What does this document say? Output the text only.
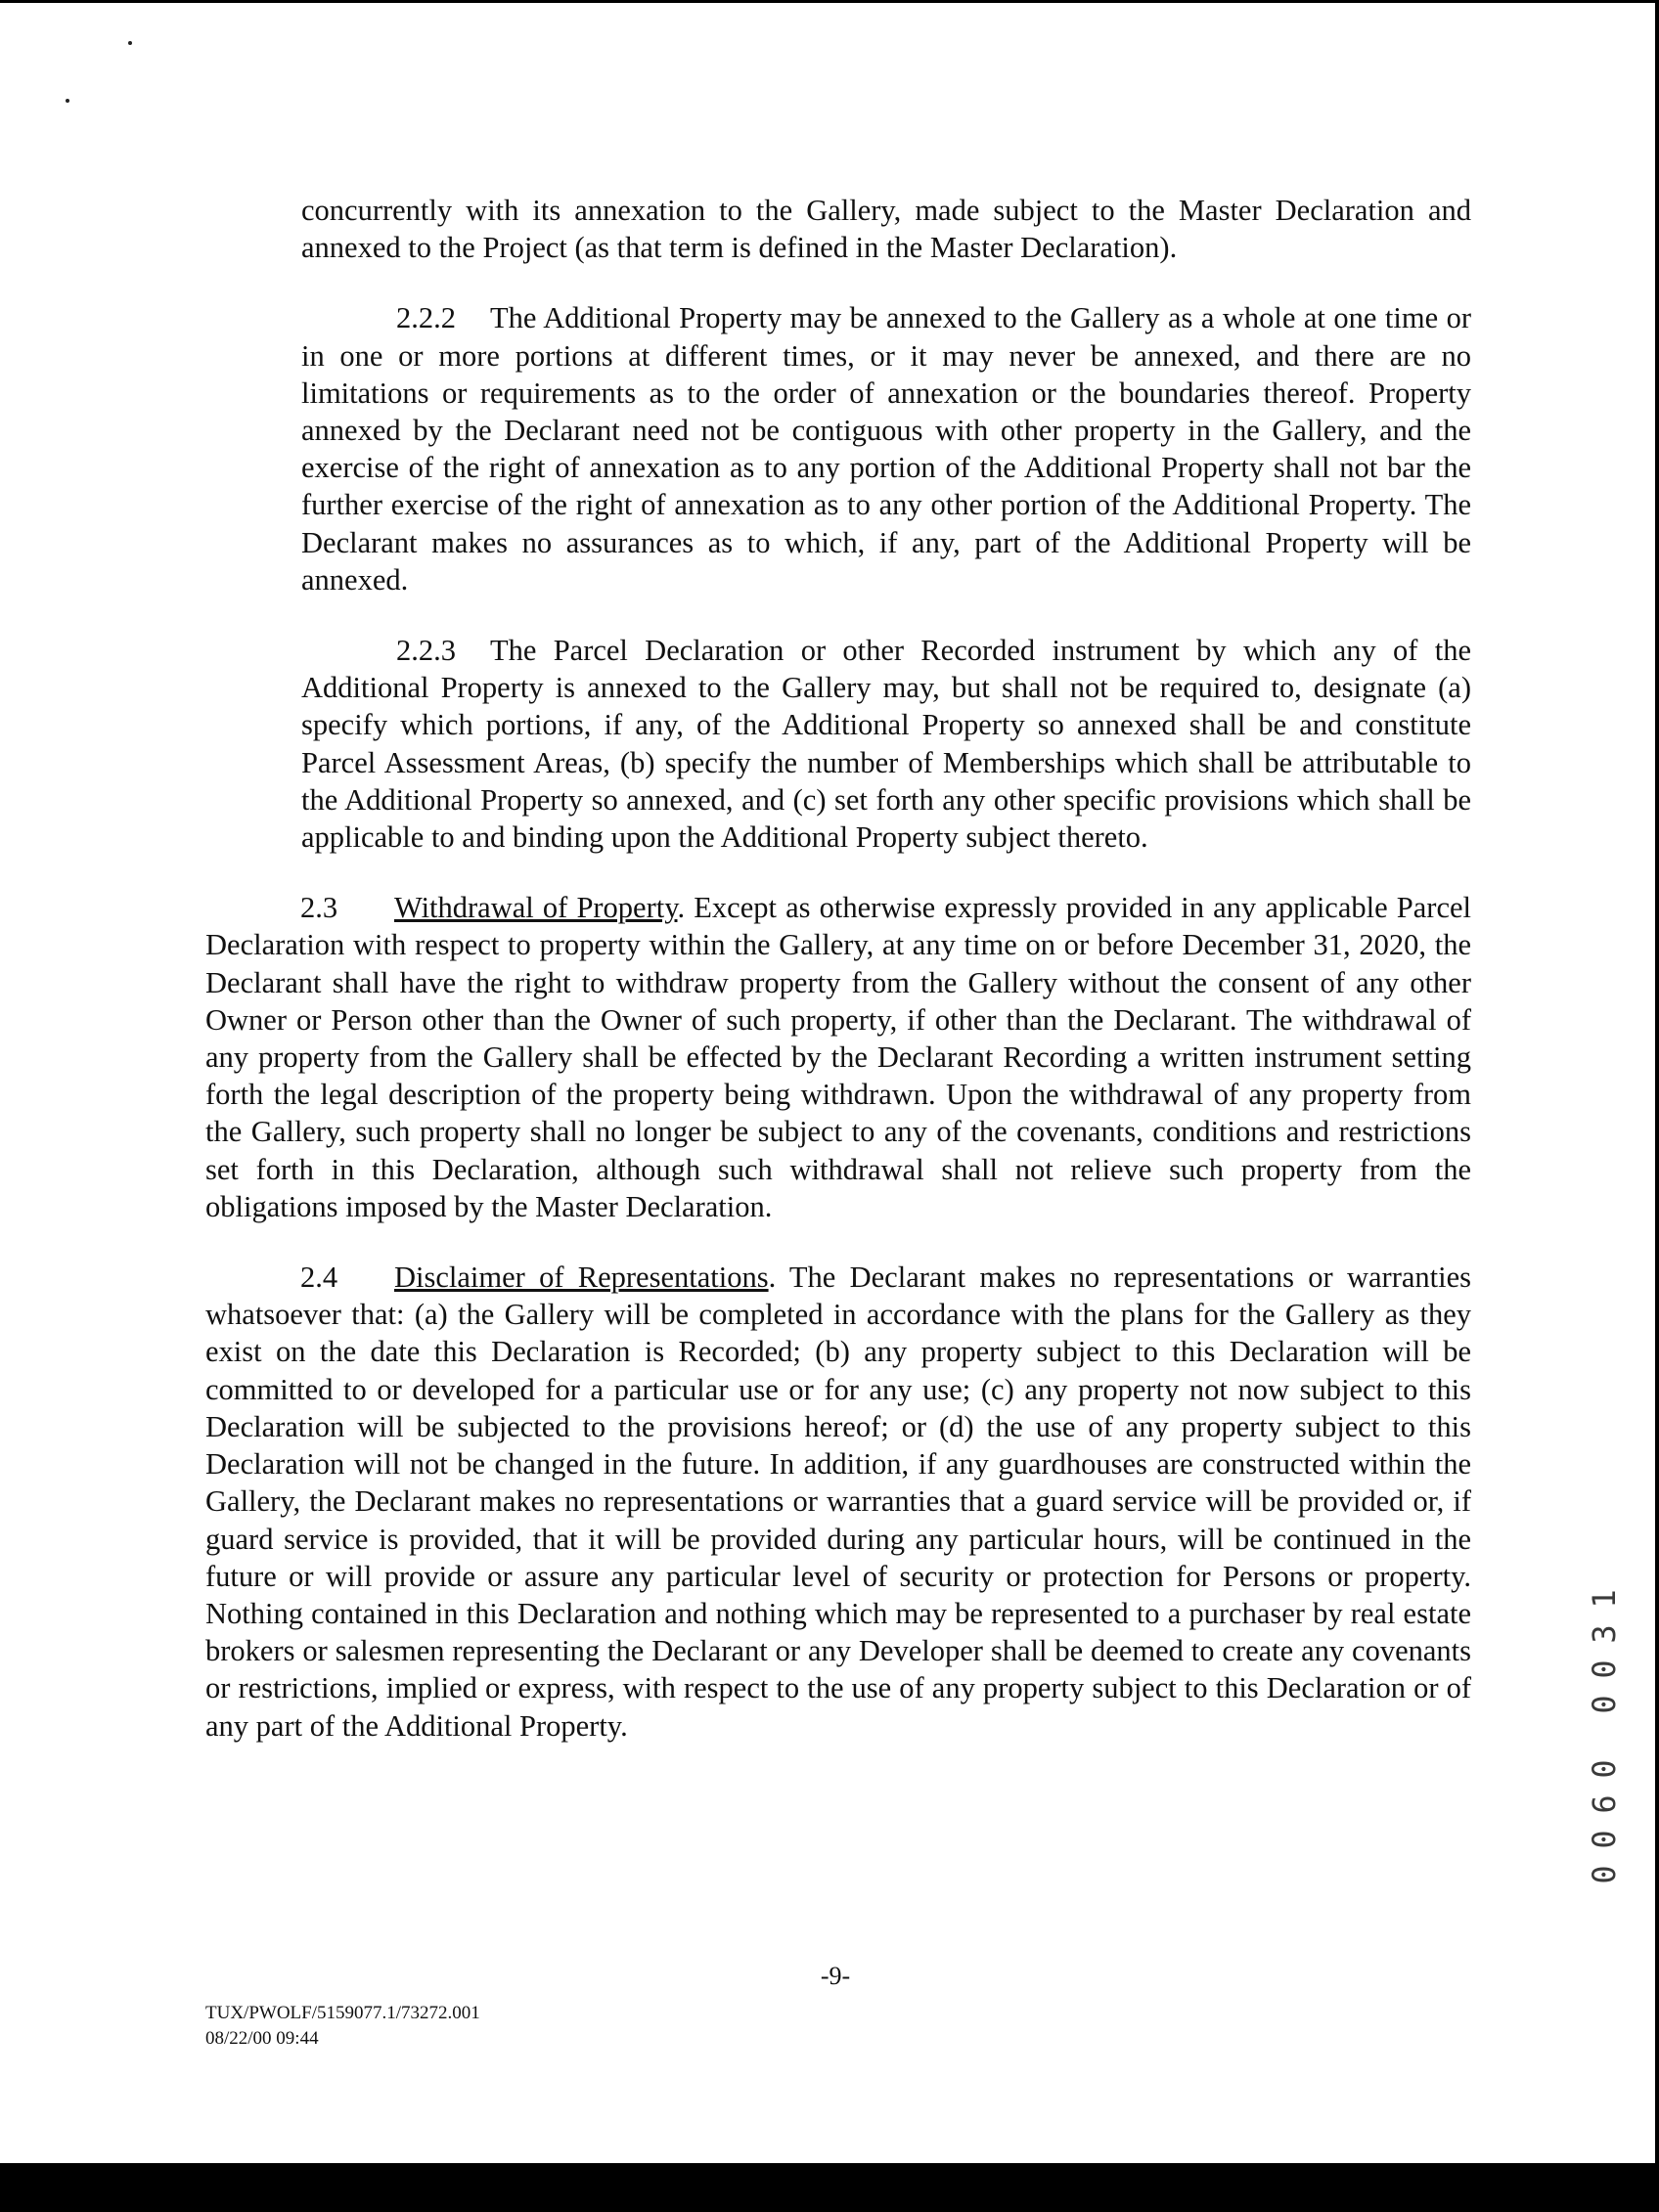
concurrently with its annexation to the Gallery, made subject to the Master Declaration and annexed to the Project (as that term is defined in the Master Declaration).

2.2.2 The Additional Property may be annexed to the Gallery as a whole at one time or in one or more portions at different times, or it may never be annexed, and there are no limitations or requirements as to the order of annexation or the boundaries thereof. Property annexed by the Declarant need not be contiguous with other property in the Gallery, and the exercise of the right of annexation as to any portion of the Additional Property shall not bar the further exercise of the right of annexation as to any other portion of the Additional Property. The Declarant makes no assurances as to which, if any, part of the Additional Property will be annexed.

2.2.3 The Parcel Declaration or other Recorded instrument by which any of the Additional Property is annexed to the Gallery may, but shall not be required to, designate (a) specify which portions, if any, of the Additional Property so annexed shall be and constitute Parcel Assessment Areas, (b) specify the number of Memberships which shall be attributable to the Additional Property so annexed, and (c) set forth any other specific provisions which shall be applicable to and binding upon the Additional Property subject thereto.

2.3 Withdrawal of Property. Except as otherwise expressly provided in any applicable Parcel Declaration with respect to property within the Gallery, at any time on or before December 31, 2020, the Declarant shall have the right to withdraw property from the Gallery without the consent of any other Owner or Person other than the Owner of such property, if other than the Declarant. The withdrawal of any property from the Gallery shall be effected by the Declarant Recording a written instrument setting forth the legal description of the property being withdrawn. Upon the withdrawal of any property from the Gallery, such property shall no longer be subject to any of the covenants, conditions and restrictions set forth in this Declaration, although such withdrawal shall not relieve such property from the obligations imposed by the Master Declaration.

2.4 Disclaimer of Representations. The Declarant makes no representations or warranties whatsoever that: (a) the Gallery will be completed in accordance with the plans for the Gallery as they exist on the date this Declaration is Recorded; (b) any property subject to this Declaration will be committed to or developed for a particular use or for any use; (c) any property not now subject to this Declaration will be subjected to the provisions hereof; or (d) the use of any property subject to this Declaration will not be changed in the future. In addition, if any guardhouses are constructed within the Gallery, the Declarant makes no representations or warranties that a guard service will be provided or, if guard service is provided, that it will be provided during any particular hours, will be continued in the future or will provide or assure any particular level of security or protection for Persons or property. Nothing contained in this Declaration and nothing which may be represented to a purchaser by real estate brokers or salesmen representing the Declarant or any Developer shall be deemed to create any covenants or restrictions, implied or express, with respect to the use of any property subject to this Declaration or of any part of the Additional Property.

-9-
TUX/PWOLF/5159077.1/73272.001
08/22/00 09:44
0
0
6
0
0
0
3
1
